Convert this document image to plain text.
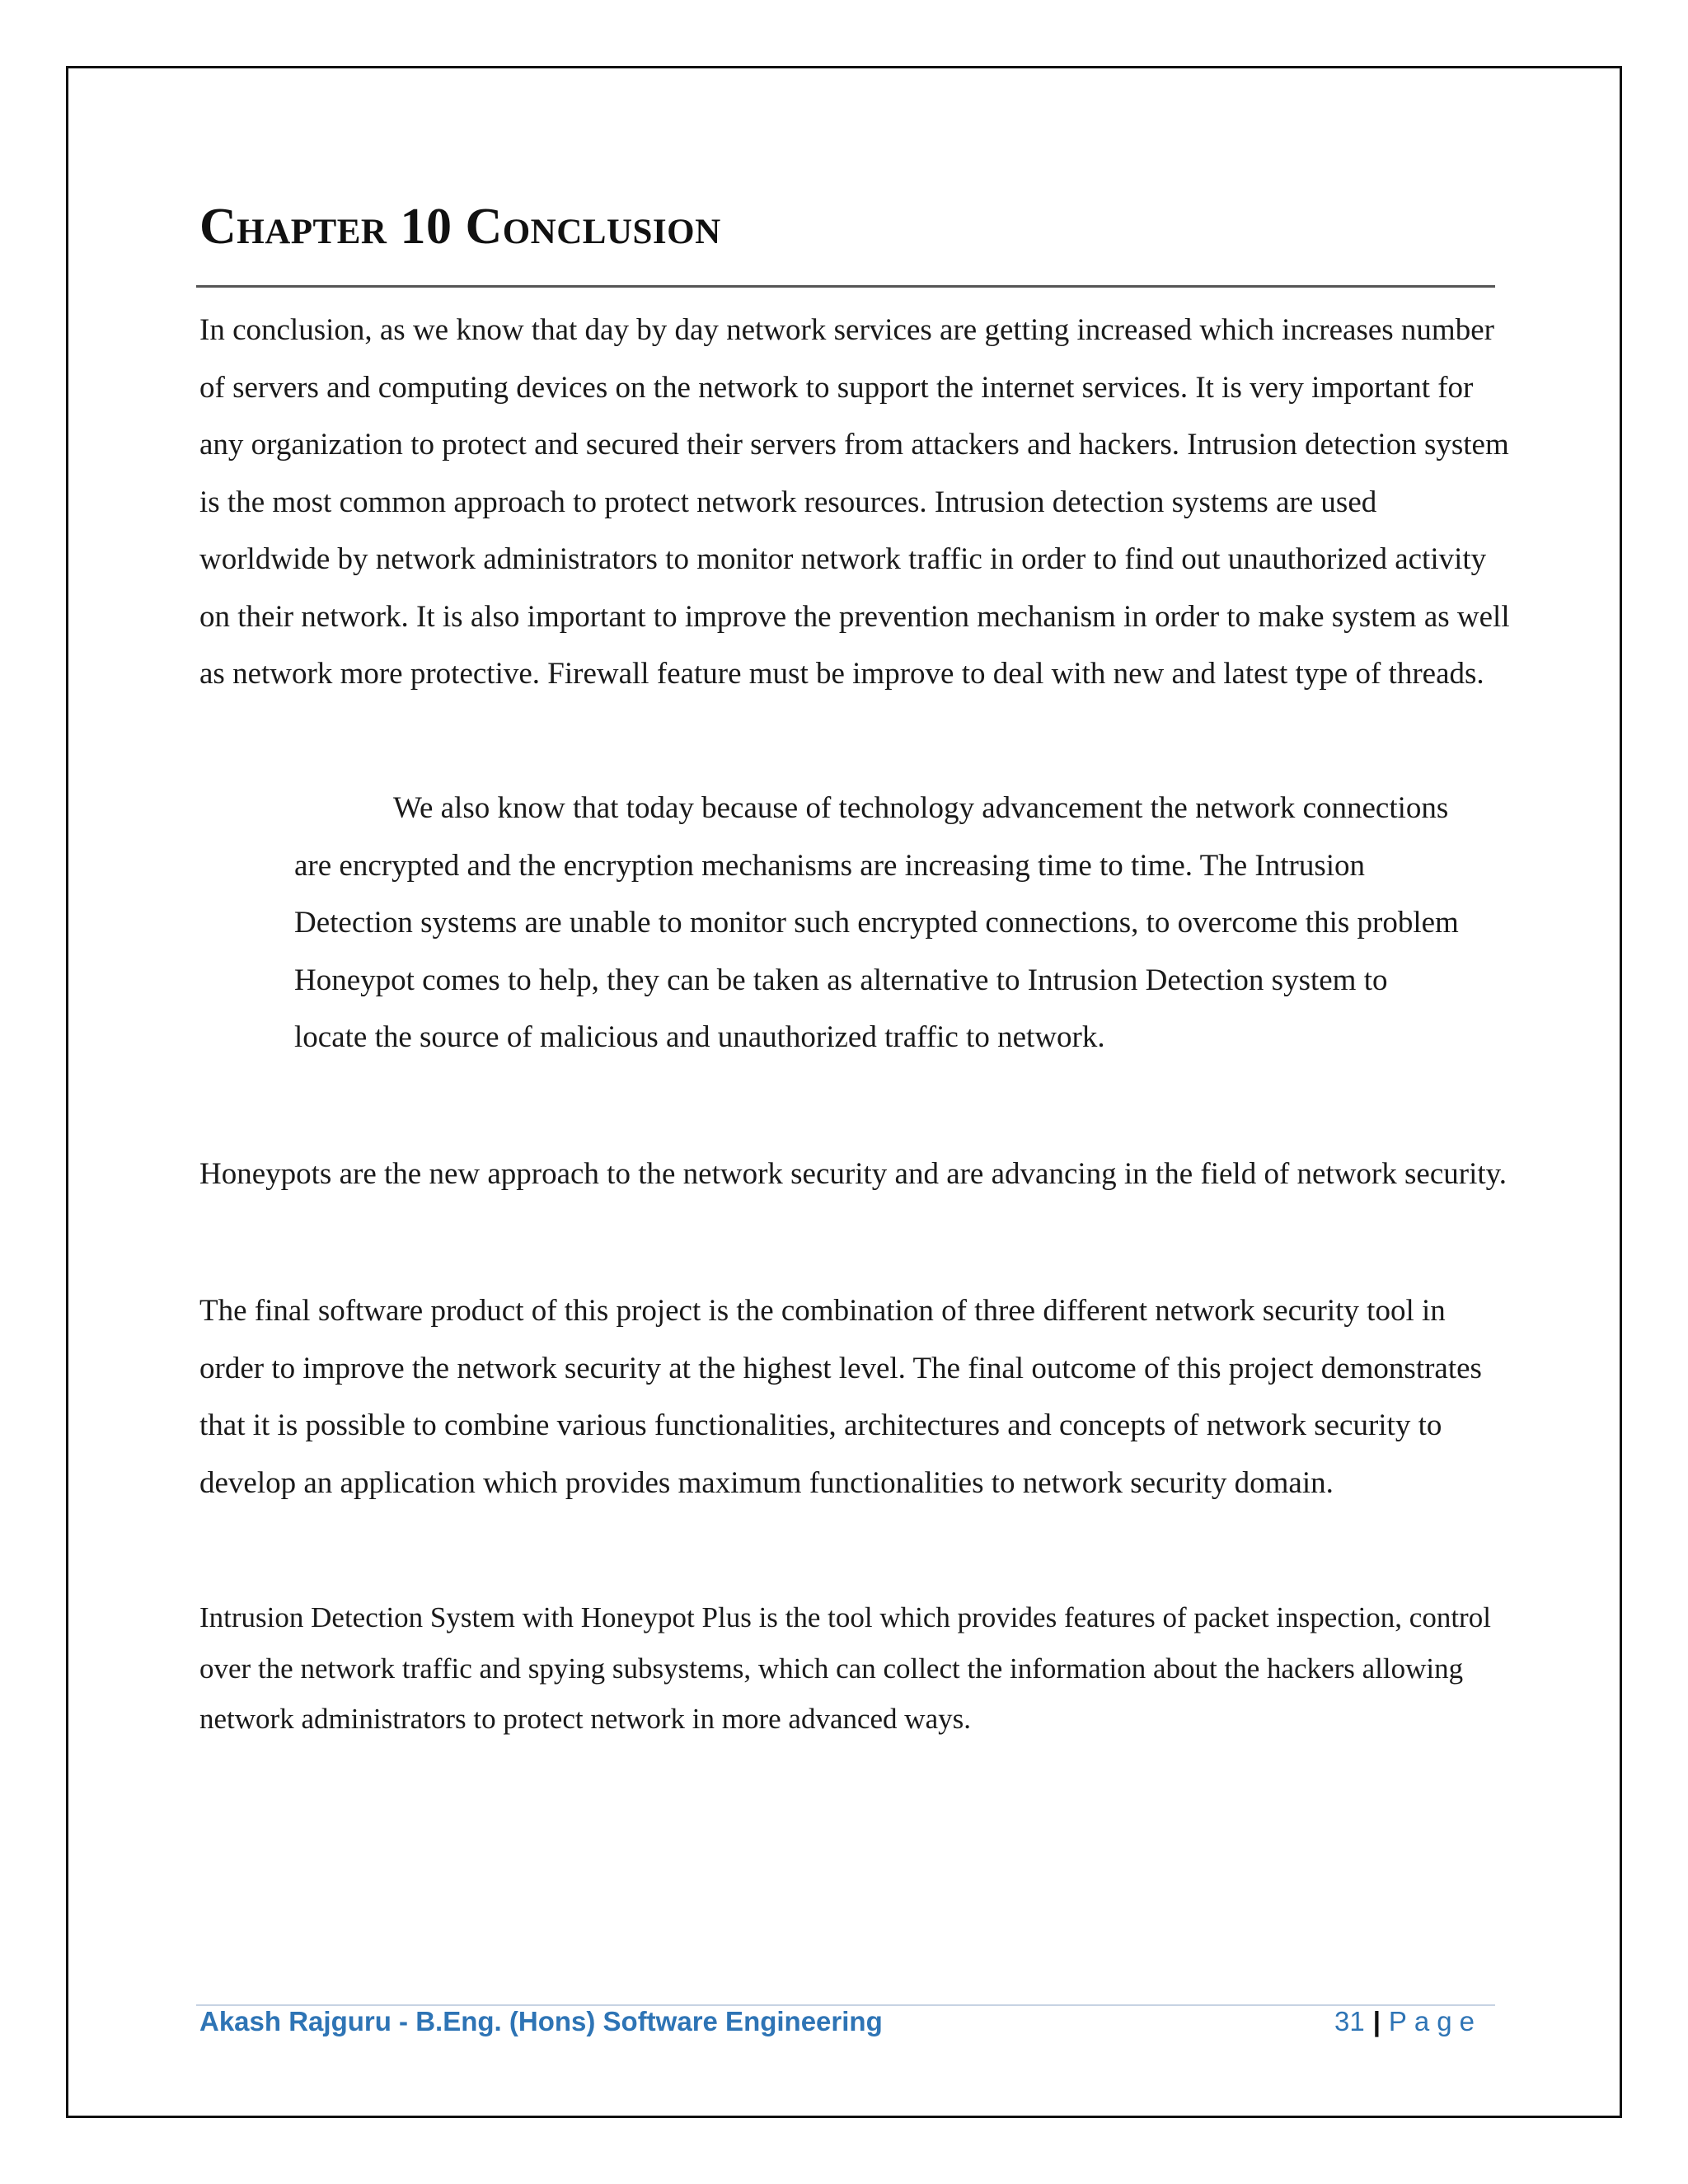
Chapter 10 Conclusion

In conclusion, as we know that day by day network services are getting increased which increases number of servers and computing devices on the network to support the internet services. It is very important for any organization to protect and secured their servers from attackers and hackers. Intrusion detection system is the most common approach to protect network resources. Intrusion detection systems are used worldwide by network administrators to monitor network traffic in order to find out unauthorized activity on their network. It is also important to improve the prevention mechanism in order to make system as well as network more protective. Firewall feature must be improve to deal with new and latest type of threads.

We also know that today because of technology advancement the network connections are encrypted and the encryption mechanisms are increasing time to time. The Intrusion Detection systems are unable to monitor such encrypted connections, to overcome this problem Honeypot comes to help, they can be taken as alternative to Intrusion Detection system to locate the source of malicious and unauthorized traffic to network.

Honeypots are the new approach to the network security and are advancing in the field of network security.

The final software product of this project is the combination of three different network security tool in order to improve the network security at the highest level. The final outcome of this project demonstrates that it is possible to combine various functionalities, architectures and concepts of network security to develop an application which provides maximum functionalities to network security domain.

Intrusion Detection System with Honeypot Plus is the tool which provides features of packet inspection, control over the network traffic and spying subsystems, which can collect the information about the hackers allowing network administrators to protect network in more advanced ways.

Akash Rajguru - B.Eng. (Hons) Software Engineering	31 | Page
